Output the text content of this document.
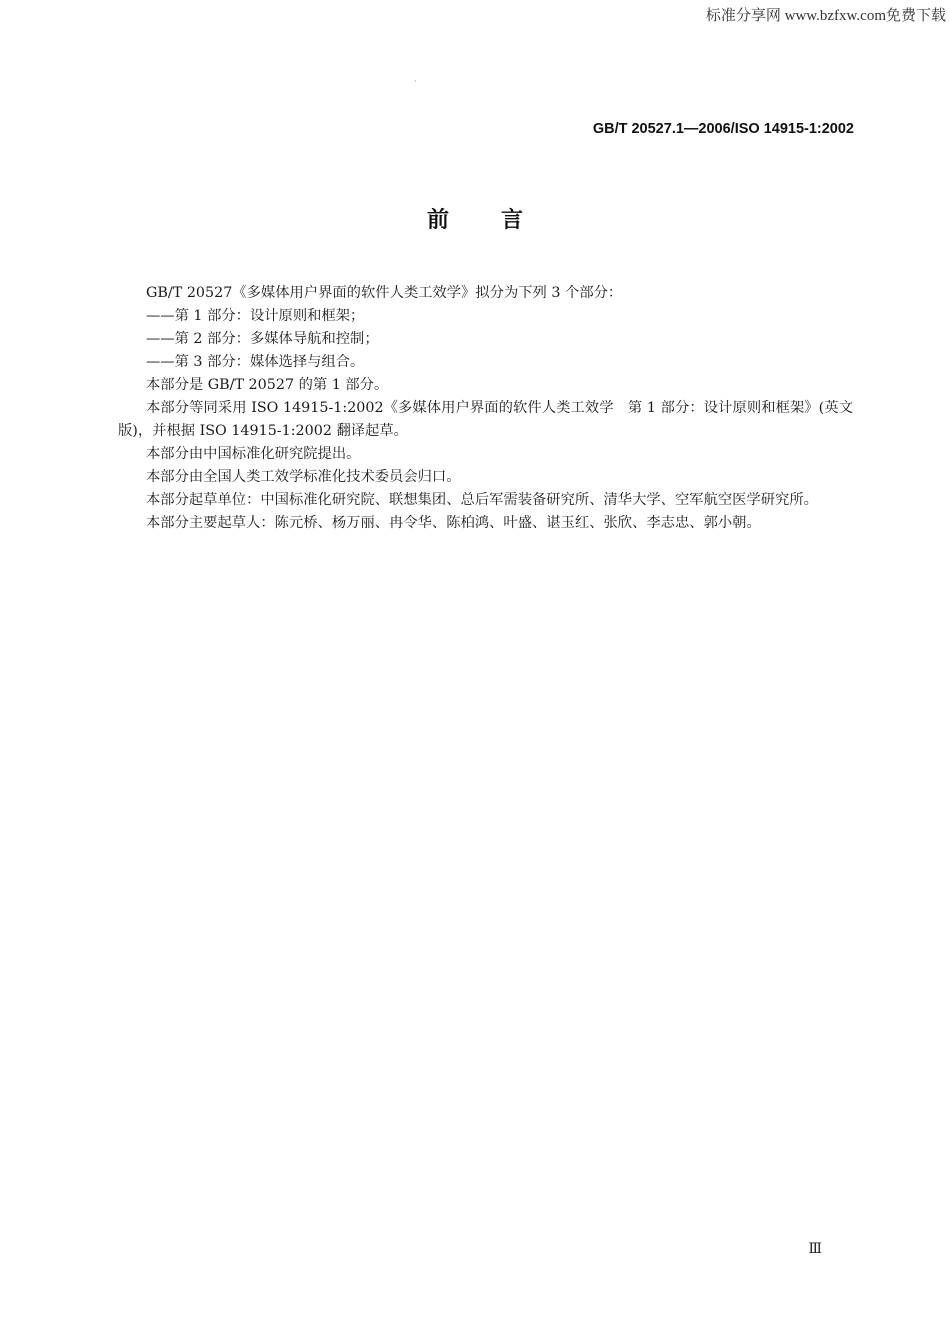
标准分享网 www.bzfxw.com免费下载
GB/T 20527.1—2006/ISO 14915-1:2002
前言

GB/T 20527《多媒体用户界面的软件人类工效学》拟分为下列 3 个部分：

——第 1 部分：设计原则和框架；

——第 2 部分：多媒体导航和控制；

——第 3 部分：媒体选择与组合。

本部分是 GB/T 20527 的第 1 部分。

本部分等同采用 ISO 14915-1:2002《多媒体用户界面的软件人类工效学　第 1 部分：设计原则和框架》(英文版)，并根据 ISO 14915-1:2002 翻译起草。

本部分由中国标准化研究院提出。

本部分由全国人类工效学标准化技术委员会归口。

本部分起草单位：中国标准化研究院、联想集团、总后军需装备研究所、清华大学、空军航空医学研究所。

本部分主要起草人：陈元桥、杨万丽、冉令华、陈柏鸿、叶盛、谌玉红、张欣、李志忠、郭小朝。

Ⅲ
